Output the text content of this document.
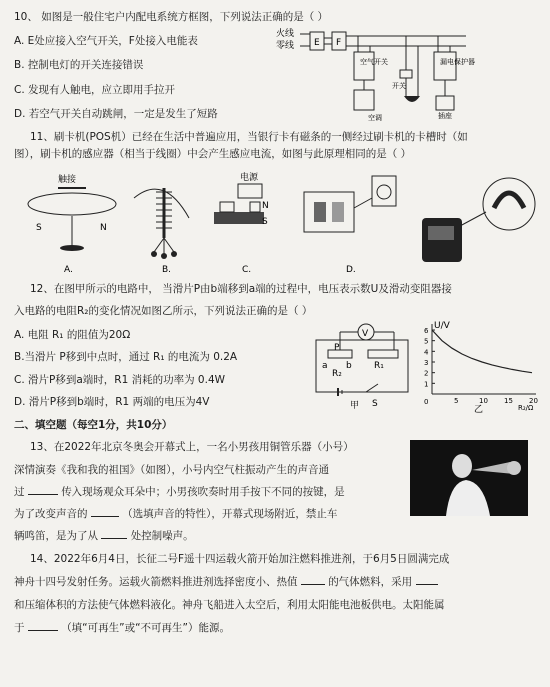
10、 如图是一般住宅户内配电系统方框图，下列说法正确的是（ ）
A. E处应接入空气开关，F处接入电能表
B. 控制电灯的开关连接错误
C. 发现有人触电，应立即用手拉开
D. 若空气开关自动跳闸，一定是发生了短路
火线
零线 E F
空气开关
空调
开关
漏电保护器
插座
11、刷卡机(POS机）已经在生活中普遍应用，当银行卡有磁条的一侧经过刷卡机的卡槽时（如
图），刷卡机的感应器（相当于线圈）中会产生感应电流，如图与此原理相同的是（ ）
触接
S	N
A.	B.
电源
N
S
C.	D.
12、在图甲所示的电路中， 当滑片P由b端移到a端的过程中，电压表示数U及滑动变阻器接
入电路的电阻R₂的变化情况如图乙所示，下列说法正确的是（ ）
A. 电阻 R₁ 的阻值为20Ω
B.当滑片 P移到中点时，通过 R₁ 的电流为 0.2A
C. 滑片P移到a端时，R1 消耗的功率为 0.4W
D. 滑片P移到b端时，R1 两端的电压为4V
V
P
a b
R₂
R₁
S
甲
U/V
R₂/Ω
0
乙
5	10 15 20
1
2
3
4
5
6
二、填空题（每空1分，共10分）
13、在2022年北京冬奥会开幕式上，一名小男孩用铜管乐器（小号）
深情演奏《我和我的祖国》（如图），小号内空气柱振动产生的声音通
过	传入现场观众耳朵中；小男孩吹奏时用手按下不同的按键，是
为了改变声音的	（选填声音的特性），开幕式现场附近，禁止车
辆鸣笛，是为了从	处控制噪声。
14、2022年6月4日，长征二号F遥十四运载火箭开始加注燃料推进剂，于6月5日圆满完成
神舟十四号发射任务。运载火箭燃料推进剂选择密度小、热值	的气体燃料，采用
和压缩体积的方法使气体燃料液化。神舟飞船进入太空后，利用太阳能电池板供电。太阳能属
于	（填“可再生”或“不可再生”）能源。
